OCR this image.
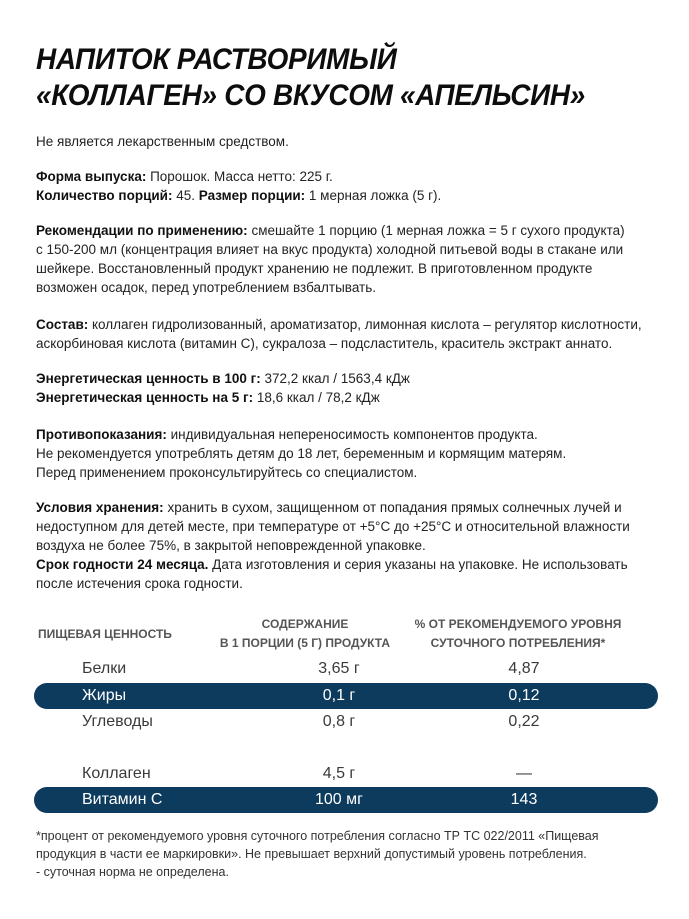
НАПИТОК РАСТВОРИМЫЙ
«КОЛЛАГЕН» СО ВКУСОМ «АПЕЛЬСИН»
Не является лекарственным средством.
Форма выпуска: Порошок. Масса нетто: 225 г.
Количество порций: 45. Размер порции: 1 мерная ложка (5 г).
Рекомендации по применению: смешайте 1 порцию (1 мерная ложка = 5 г сухого продукта)
с 150-200 мл (концентрация влияет на вкус продукта) холодной питьевой воды в стакане или
шейкере. Восстановленный продукт хранению не подлежит. В приготовленном продукте
возможен осадок, перед употреблением взбалтывать.
Состав: коллаген гидролизованный, ароматизатор, лимонная кислота – регулятор кислотности,
аскорбиновая кислота (витамин С), сукралоза – подсластитель, краситель экстракт аннато.
Энергетическая ценность в 100 г: 372,2 ккал / 1563,4 кДж
Энергетическая ценность на 5 г: 18,6 ккал / 78,2 кДж
Противопоказания: индивидуальная непереносимость компонентов продукта.
Не рекомендуется употреблять детям до 18 лет, беременным и кормящим матерям.
Перед применением проконсультируйтесь со специалистом.
Условия хранения: хранить в сухом, защищенном от попадания прямых солнечных лучей и
недоступном для детей месте, при температуре от +5°С до +25°С и относительной влажности
воздуха не более 75%, в закрытой неповрежденной упаковке.
Срок годности 24 месяца. Дата изготовления и серия указаны на упаковке. Не использовать
после истечения срока годности.
ПИЩЕВАЯ ЦЕННОСТЬ
СОДЕРЖАНИЕ
В 1 ПОРЦИИ (5 Г) ПРОДУКТА
% ОТ РЕКОМЕНДУЕМОГО УРОВНЯ
СУТОЧНОГО ПОТРЕБЛЕНИЯ*
Белки	3,65 г	4,87
Жиры	0,1 г	0,12
Углеводы	0,8 г	0,22
Коллаген	4,5 г	—
Витамин С	100 мг	143
*процент от рекомендуемого уровня суточного потребления согласно ТР ТС 022/2011 «Пищевая
продукция в части ее маркировки». Не превышает верхний допустимый уровень потребления.
- суточная норма не определена.
